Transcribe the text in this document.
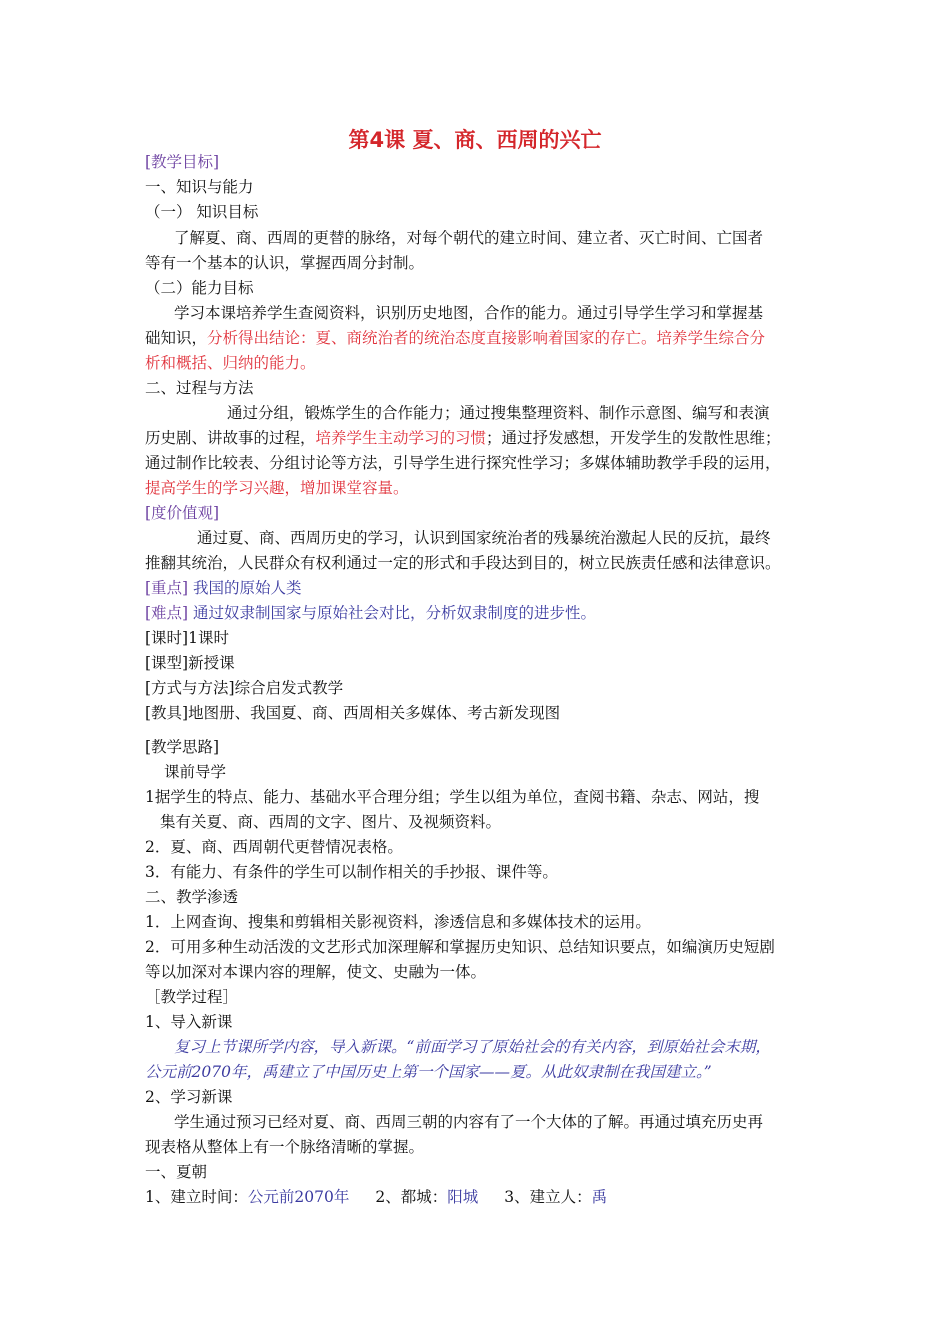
第4课 夏、商、西周的兴亡
[教学目标]
一、知识与能力
（一） 知识目标
了解夏、商、西周的更替的脉络，对每个朝代的建立时间、建立者、灭亡时间、亡国者
等有一个基本的认识，掌握西周分封制。
（二）能力目标
学习本课培养学生查阅资料，识别历史地图，合作的能力。通过引导学生学习和掌握基
础知识，分析得出结论：夏、商统治者的统治态度直接影响着国家的存亡。培养学生综合分
析和概括、归纳的能力。
二、过程与方法
通过分组，锻炼学生的合作能力；通过搜集整理资料、制作示意图、编写和表演
历史剧、讲故事的过程，培养学生主动学习的习惯；通过抒发感想，开发学生的发散性思维；
通过制作比较表、分组讨论等方法，引导学生进行探究性学习；多媒体辅助教学手段的运用，
提高学生的学习兴趣，增加课堂容量。
[度价值观]
通过夏、商、西周历史的学习，认识到国家统治者的残暴统治激起人民的反抗，最终
推翻其统治，人民群众有权利通过一定的形式和手段达到目的，树立民族责任感和法律意识。
[重点] 我国的原始人类
[难点] 通过奴隶制国家与原始社会对比，分析奴隶制度的进步性。
[课时]1课时
[课型]新授课
[方式与方法]综合启发式教学
[教具]地图册、我国夏、商、西周相关多媒体、考古新发现图
[教学思路]
课前导学
1据学生的特点、能力、基础水平合理分组；学生以组为单位，查阅书籍、杂志、网站，搜
集有关夏、商、西周的文字、图片、及视频资料。
2．夏、商、西周朝代更替情况表格。
3．有能力、有条件的学生可以制作相关的手抄报、课件等。
二、教学渗透
1．上网查询、搜集和剪辑相关影视资料，渗透信息和多媒体技术的运用。
2．可用多种生动活泼的文艺形式加深理解和掌握历史知识、总结知识要点，如编演历史短剧
等以加深对本课内容的理解，使文、史融为一体。
［教学过程］
1、导入新课
复习上节课所学内容，导入新课。“前面学习了原始社会的有关内容，到原始社会末期，
公元前2070年，禹建立了中国历史上第一个国家——夏。从此奴隶制在我国建立。”
2、学习新课
学生通过预习已经对夏、商、西周三朝的内容有了一个大体的了解。再通过填充历史再
现表格从整体上有一个脉络清晰的掌握。
一、夏朝
1、建立时间：公元前2070年 2、都城：阳城 3、建立人：禹
